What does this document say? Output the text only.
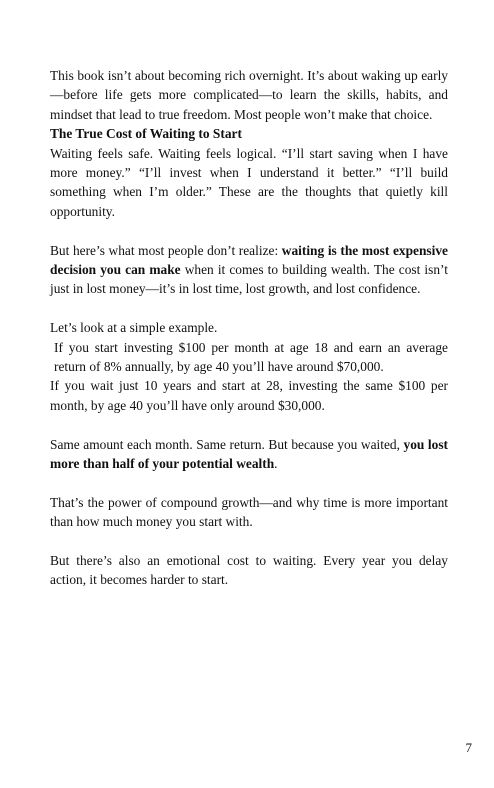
This book isn’t about becoming rich overnight. It’s about waking up early—before life gets more complicated—to learn the skills, habits, and mindset that lead to true freedom. Most people won’t make that choice.

The True Cost of Waiting to Start

Waiting feels safe. Waiting feels logical. “I’ll start saving when I have more money.” “I’ll invest when I understand it better.” “I’ll build something when I’m older.” These are the thoughts that quietly kill opportunity.

But here’s what most people don’t realize: waiting is the most expensive decision you can make when it comes to building wealth. The cost isn’t just in lost money—it’s in lost time, lost growth, and lost confidence.

Let’s look at a simple example.

If you start investing $100 per month at age 18 and earn an average return of 8% annually, by age 40 you’ll have around $70,000.

If you wait just 10 years and start at 28, investing the same $100 per month, by age 40 you’ll have only around $30,000.

Same amount each month. Same return. But because you waited, you lost more than half of your potential wealth.

That’s the power of compound growth—and why time is more important than how much money you start with.

But there’s also an emotional cost to waiting. Every year you delay action, it becomes harder to start.

7
